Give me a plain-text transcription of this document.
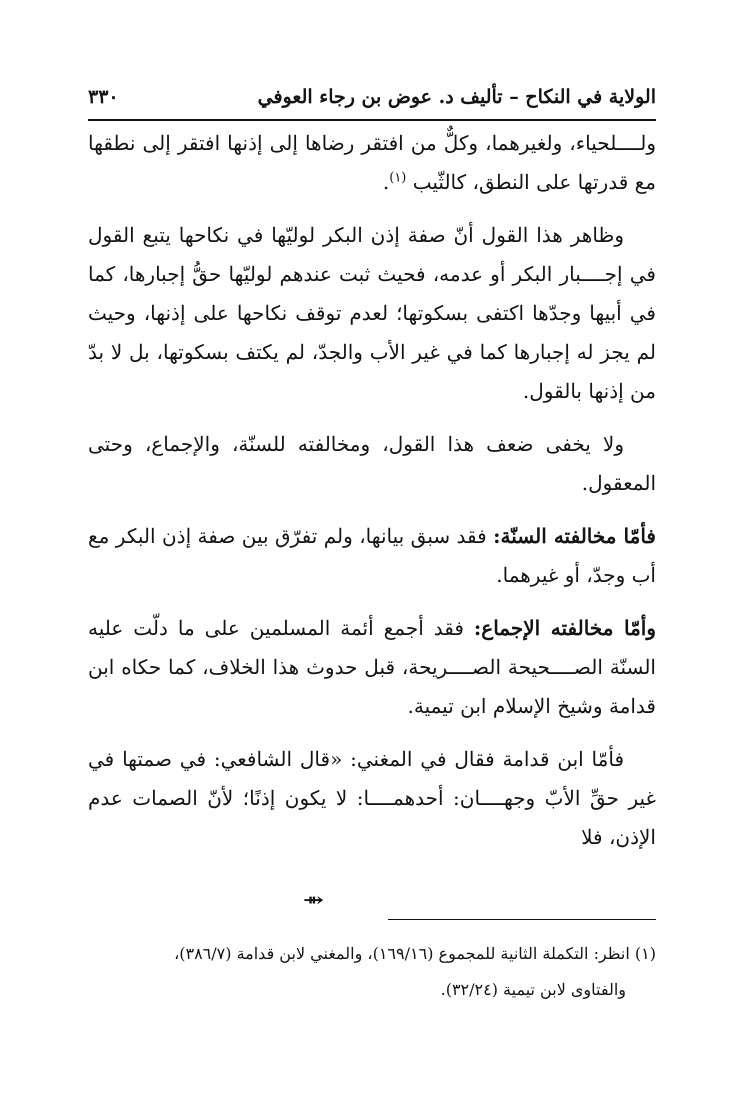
الولاية في النكاح – تأليف د. عوض بن رجاء العوفي
٣٣٠

ولــــلحياء، ولغيرهما، وكلٌّ من افتقر رضاها إلى إذنها افتقر إلى نطقها مع قدرتها على النطق، كالثّيب $^{(١)}$.

وظاهر هذا القول أنّ صفة إذن البكر لوليّها في نكاحها يتبع القول في إجــــبار البكر أو عدمه، فحيث ثبت عندهم لوليّها حقُّ إجبارها، كما في أبيها وجدّها اكتفى بسكوتها؛ لعدم توقف نكاحها على إذنها، وحيث لم يجز له إجبارها كما في غير الأب والجدّ، لم يكتف بسكوتها، بل لا بدّ من إذنها بالقول.

ولا يخفى ضعف هذا القول، ومخالفته للسنّة، والإجماع، وحتى المعقول.

فأمّا مخالفته السنّة: فقد سبق بيانها، ولم تفرّق بين صفة إذن البكر مع أب وجدّ، أو غيرهما.

وأمّا مخالفته الإجماع: فقد أجمع أئمة المسلمين على ما دلّت عليه السنّة الصــــحيحة الصــــريحة، قبل حدوث هذا الخلاف، كما حكاه ابن قدامة وشيخ الإسلام ابن تيمية.

فأمّا ابن قدامة فقال في المغني: «قال الشافعي: في صمتها في غير حقِّ الأبّ وجهــــان: أحدهمــــا: لا يكون إذنًا؛ لأنّ الصمات عدم الإذن، فلا

⇻
(١) انظر: التكملة الثانية للمجموع (١٦٩/١٦)، والمغني لابن قدامة (٣٨٦/٧)،
والفتاوى لابن تيمية (٣٢/٢٤).
